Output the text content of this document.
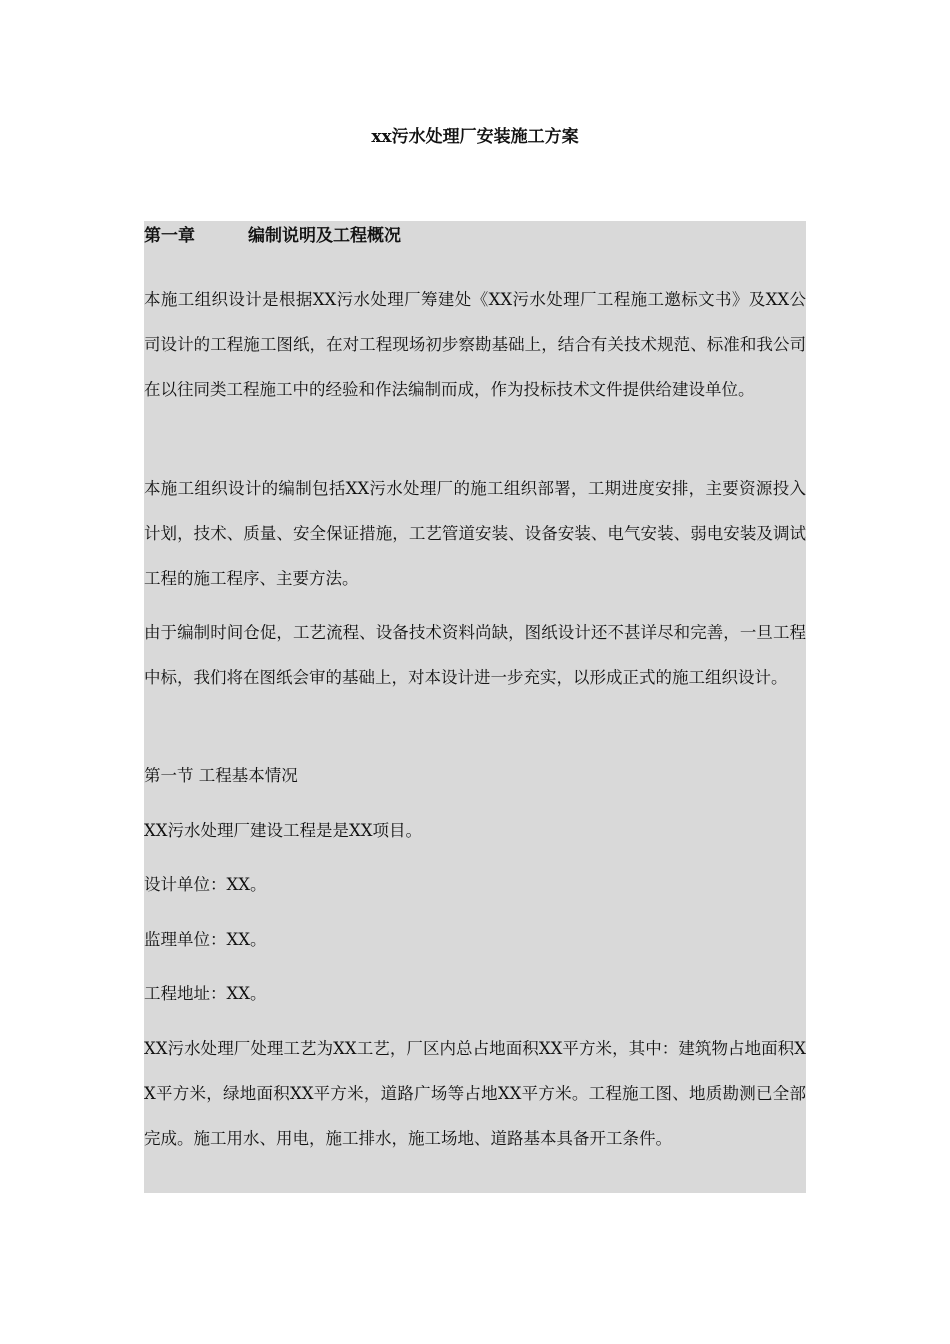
xx污水处理厂安装施工方案
第一章	编制说明及工程概况

本施工组织设计是根据XX污水处理厂筹建处《XX污水处理厂工程施工邀标文书》及XX公司设计的工程施工图纸，在对工程现场初步察勘基础上，结合有关技术规范、标准和我公司在以往同类工程施工中的经验和作法编制而成，作为投标技术文件提供给建设单位。

本施工组织设计的编制包括XX污水处理厂的施工组织部署，工期进度安排，主要资源投入计划，技术、质量、安全保证措施，工艺管道安装、设备安装、电气安装、弱电安装及调试工程的施工程序、主要方法。

由于编制时间仓促，工艺流程、设备技术资料尚缺，图纸设计还不甚详尽和完善，一旦工程中标，我们将在图纸会审的基础上，对本设计进一步充实，以形成正式的施工组织设计。

第一节 工程基本情况

XX污水处理厂建设工程是是XX项目。

设计单位：XX。

监理单位：XX。

工程地址：XX。

XX污水处理厂处理工艺为XX工艺，厂区内总占地面积XX平方米，其中：建筑物占地面积XX平方米，绿地面积XX平方米，道路广场等占地XX平方米。工程施工图、地质勘测已全部完成。施工用水、用电，施工排水，施工场地、道路基本具备开工条件。
